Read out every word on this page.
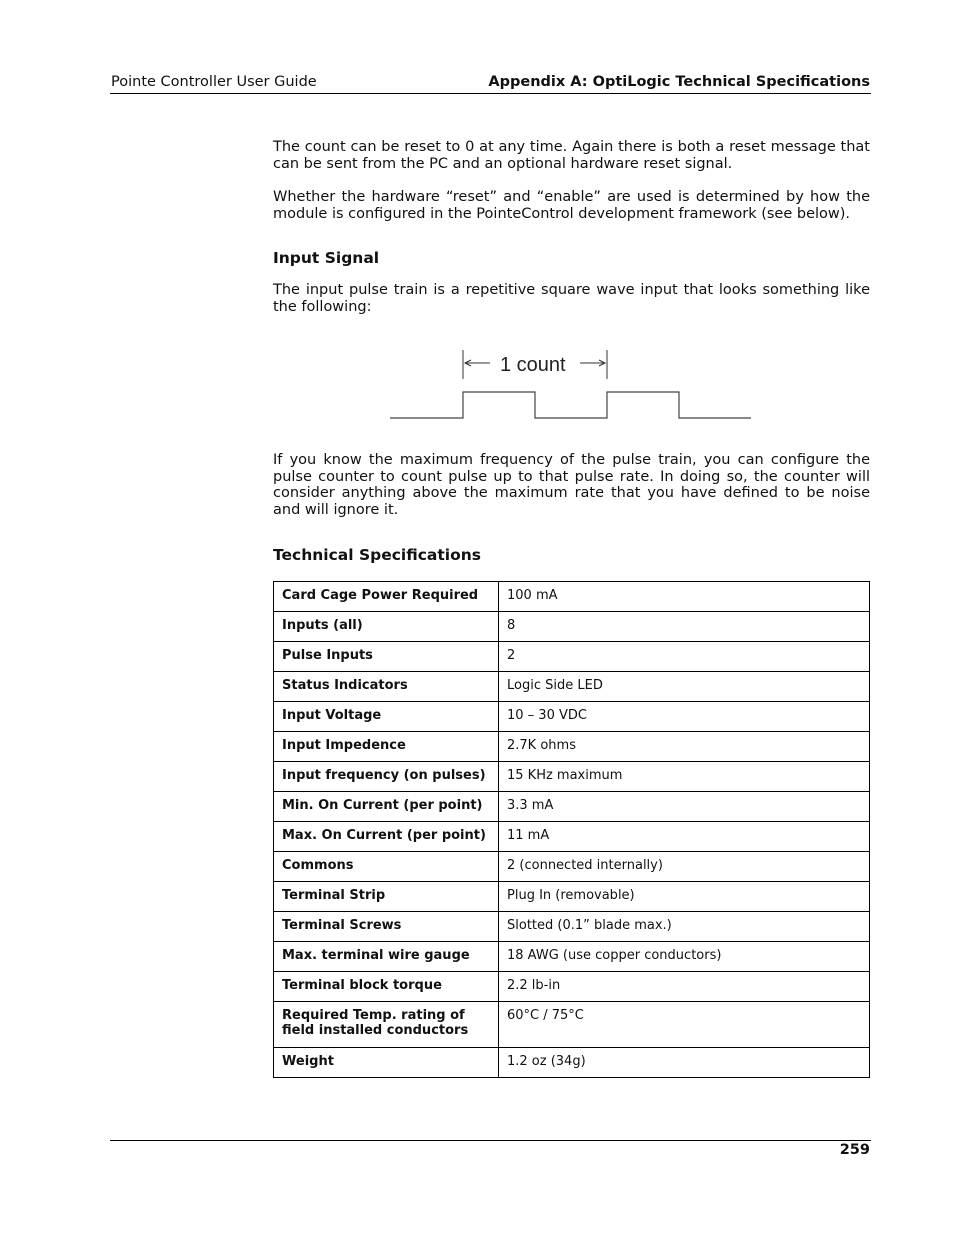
Pointe Controller User Guide	Appendix A: OptiLogic Technical Specifications

The count can be reset to 0 at any time. Again there is both a reset message that can be sent from the PC and an optional hardware reset signal.

Whether the hardware “reset” and “enable” are used is determined by how the module is configured in the PointeControl development framework (see below).

Input Signal

The input pulse train is a repetitive square wave input that looks something like the following:

1 count

If you know the maximum frequency of the pulse train, you can configure the pulse counter to count pulse up to that pulse rate. In doing so, the counter will consider anything above the maximum rate that you have defined to be noise and will ignore it.

Technical Specifications
Card Cage Power Required	100 mA
Inputs (all)	8
Pulse Inputs	2
Status Indicators	Logic Side LED
Input Voltage	10 – 30 VDC
Input Impedence	2.7K ohms
Input frequency (on pulses)	15 KHz maximum
Min. On Current (per point)	3.3 mA
Max. On Current (per point)	11 mA
Commons	2 (connected internally)
Terminal Strip	Plug In (removable)
Terminal Screws	Slotted (0.1” blade max.)
Max. terminal wire gauge	18 AWG (use copper conductors)
Terminal block torque	2.2 lb-in
Required Temp. rating of field installed conductors	60°C / 75°C
Weight	1.2 oz (34g)
259
